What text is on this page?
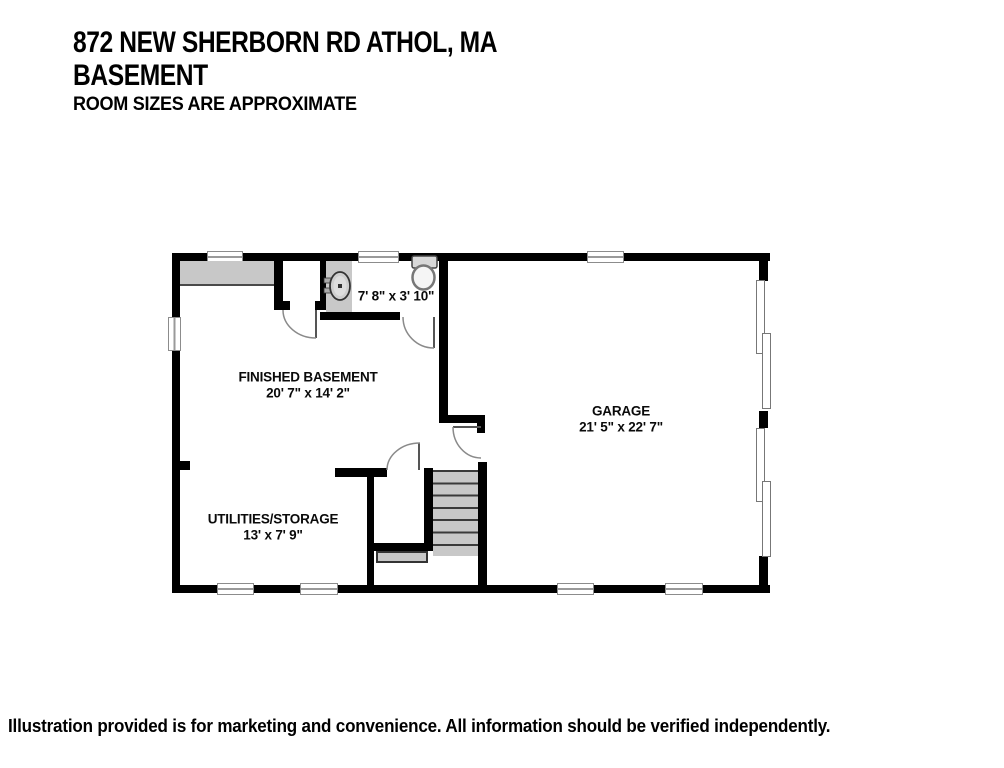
872 NEW SHERBORN RD ATHOL, MA
BASEMENT
ROOM SIZES ARE APPROXIMATE
FINISHED BASEMENT
20' 7" x 14' 2"
GARAGE
21' 5" x 22' 7"
UTILITIES/STORAGE
13' x 7' 9"
7' 8" x 3' 10"
Illustration provided is for marketing and convenience. All information should be verified independently.
